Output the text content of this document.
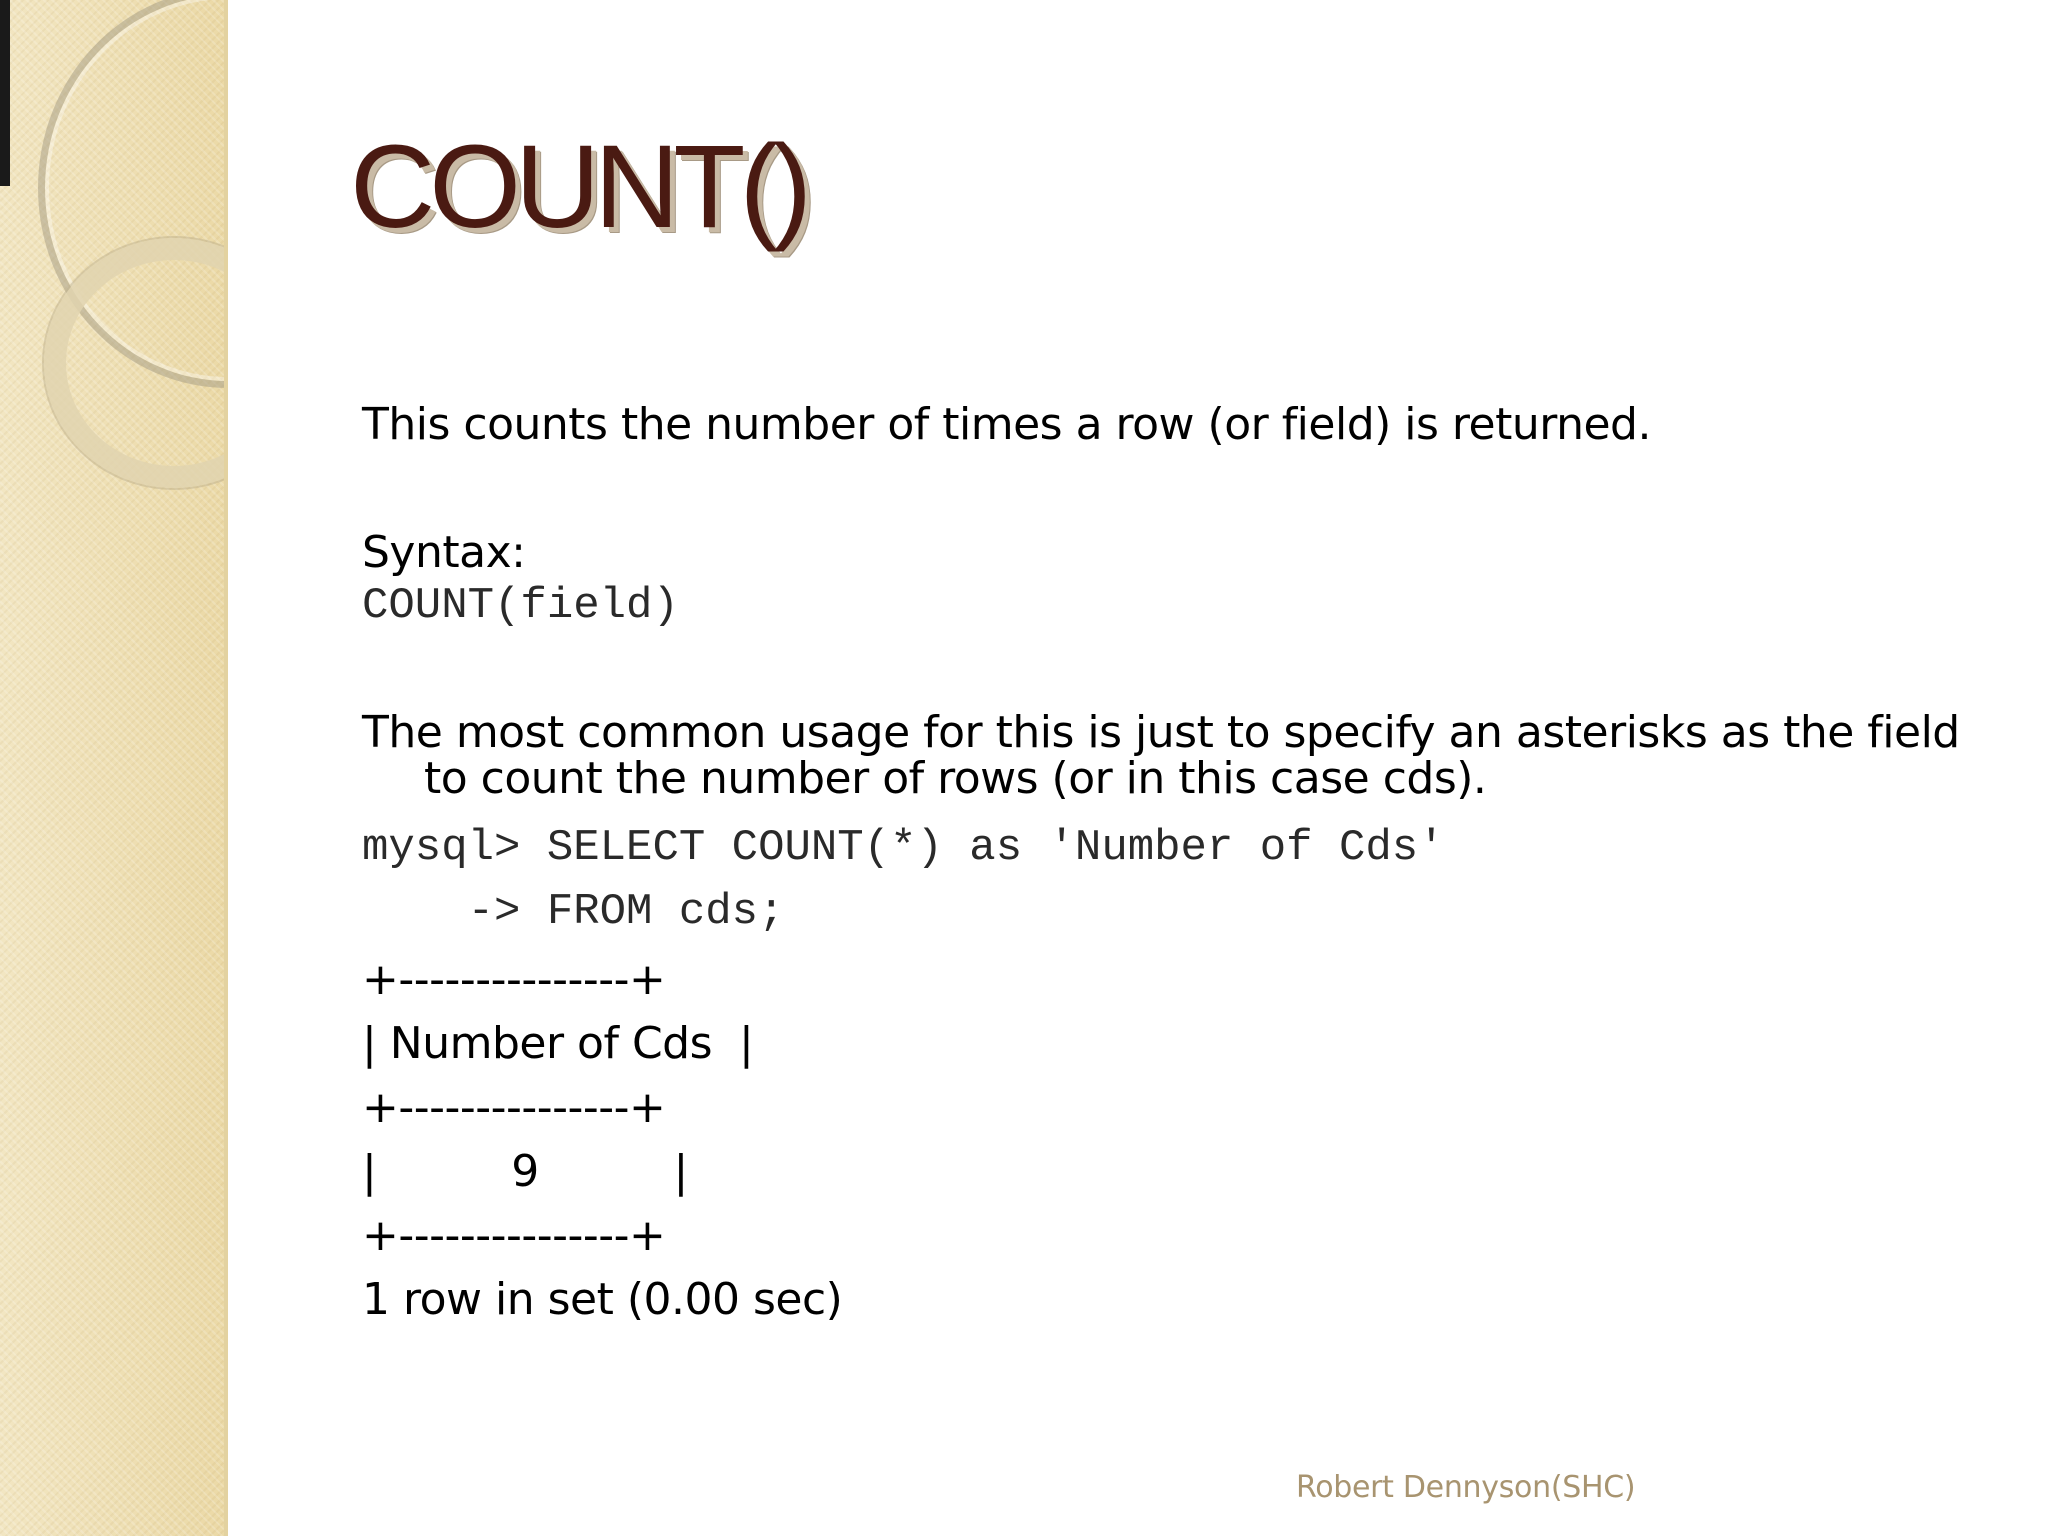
COUNT()

This counts the number of times a row (or field) is returned.

Syntax:

COUNT(field)

The most common usage for this is just to specify an asterisks as the field to count the number of rows (or in this case cds).

mysql> SELECT COUNT(*) as 'Number of Cds'

-> FROM cds;

+---------------+

| Number of Cds  |

+---------------+

|          9          |

+---------------+

1 row in set (0.00 sec)

Robert Dennyson(SHC)
